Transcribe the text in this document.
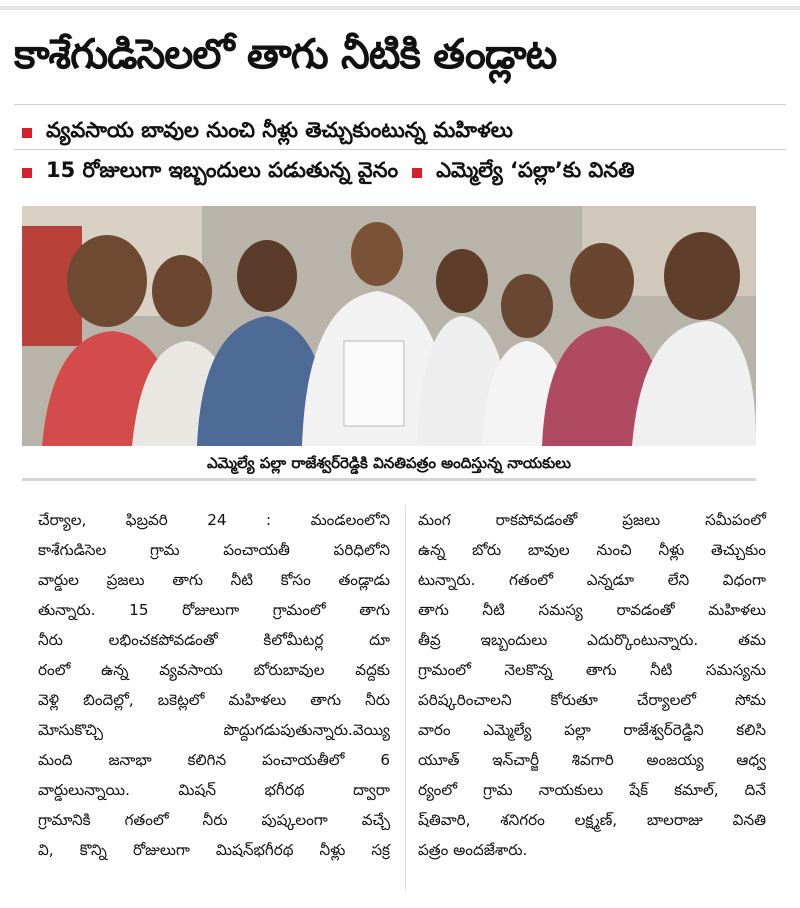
కాశేగుడిసెలలో తాగు నీటికి తండ్లాట
వ్యవసాయ బావుల నుంచి నీళ్లు తెచ్చుకుంటున్న మహిళలు
15 రోజులుగా ఇబ్బందులు పడుతున్న వైనం ఎమ్మెల్యే ‘పల్లా’కు వినతి
ఎమ్మెల్యే పల్లా రాజేశ్వర్‌రెడ్డికి వినతిపత్రం అందిస్తున్న నాయకులు

చేర్యాల, ఫిబ్రవరి 24 : మండలంలోని

కాశేగుడిసెల గ్రామ పంచాయతీ పరిధిలోని

వార్డుల ప్రజలు తాగు నీటి కోసం తండ్లాడు

తున్నారు. 15 రోజులుగా గ్రామంలో తాగు

నీరు లభించకపోవడంతో కిలోమీటర్ల దూ

రంలో ఉన్న వ్యవసాయ బోరుబావుల వద్దకు

వెళ్లి బిందెల్లో, బకెట్లలో మహిళలు తాగు నీరు

మోసుకొచ్చి పొద్దుగడుపుతున్నారు.వెయ్యి

మంది జనాభా కలిగిన పంచాయతీలో 6

వార్డులున్నాయి. మిషన్ భగీరథ ద్వారా

గ్రామానికి గతంలో నీరు పుష్కలంగా వచ్చే

వి, కొన్ని రోజులుగా మిషన్‌భగీరథ నీళ్లు సక్ర

మంగ రాకపోవడంతో ప్రజలు సమీపంలో

ఉన్న బోరు బావుల నుంచి నీళ్లు తెచ్చుకుం

టున్నారు. గతంలో ఎన్నడూ లేని విధంగా

తాగు నీటి సమస్య రావడంతో మహిళలు

తీవ్ర ఇబ్బందులు ఎదుర్కొంటున్నారు. తమ

గ్రామంలో నెలకొన్న తాగు నీటి సమస్యను

పరిష్కరించాలని కోరుతూ చేర్యాలలో సోమ

వారం ఎమ్మెల్యే పల్లా రాజేశ్వర్‌రెడ్డిని కలిసి

యూత్ ఇన్‌చార్జీ శివగారి అంజయ్య ఆధ్వ

ర్యంలో గ్రామ నాయకులు షేక్ కమాల్, దినే

ష్‌తివారి, శనిగరం లక్ష్మణ్, బాలరాజు వినతి

పత్రం అందజేశారు.
